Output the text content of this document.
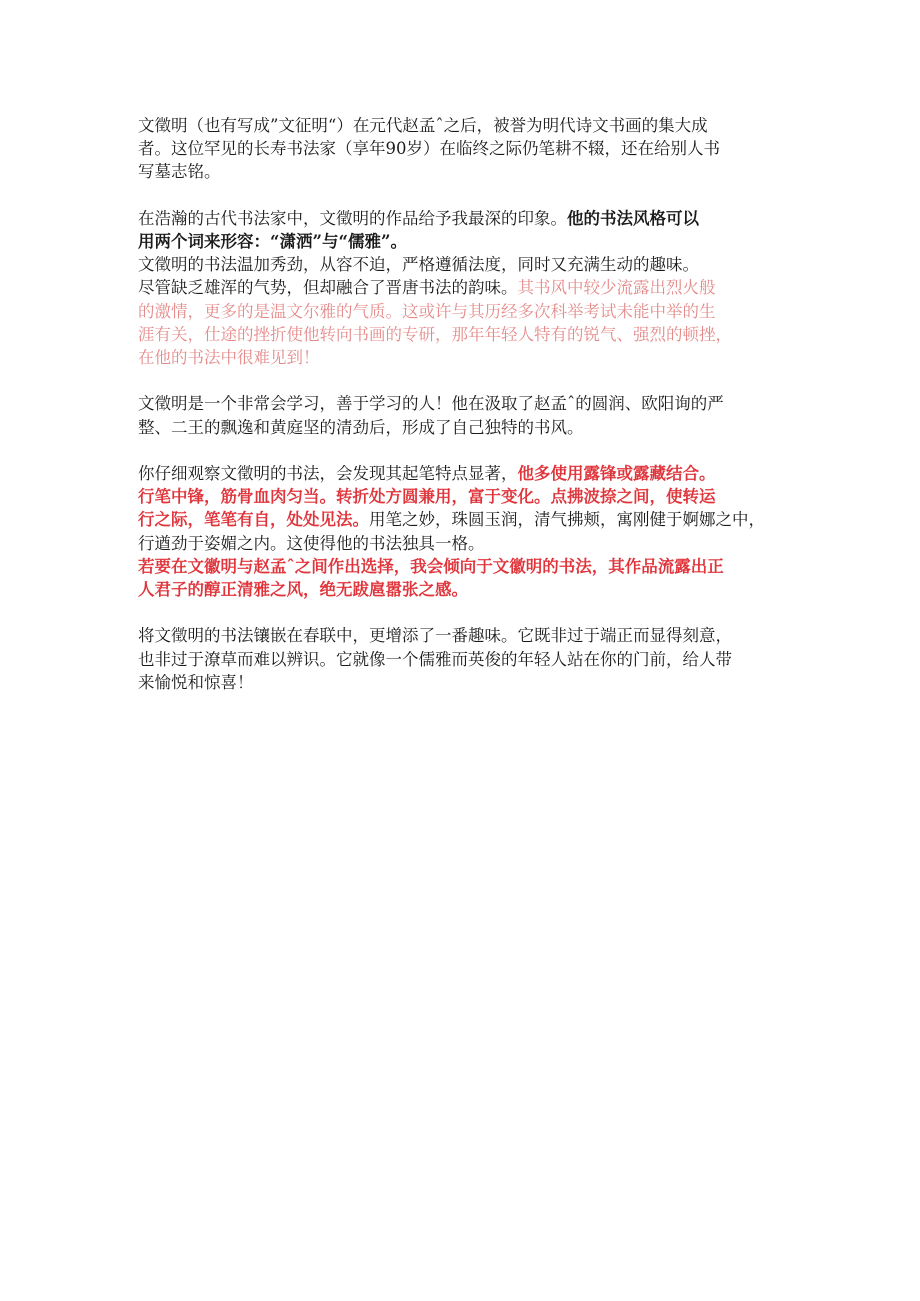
文徵明（也有写成”文征明“）在元代赵孟ˆ之后，被誉为明代诗文书画的集大成
者。这位罕见的长寿书法家（享年90岁）在临终之际仍笔耕不辍，还在给别人书
写墓志铭。
在浩瀚的古代书法家中，文徵明的作品给予我最深的印象。他的书法风格可以
用两个词来形容：“潇洒”与“儒雅”。
文徵明的书法温加秀劲，从容不迫，严格遵循法度，同时又充满生动的趣味。
尽管缺乏雄浑的气势，但却融合了晋唐书法的韵味。其书风中较少流露出烈火般
的激情，更多的是温文尔雅的气质。这或许与其历经多次科举考试未能中举的生
涯有关，仕途的挫折使他转向书画的专研，那年年轻人特有的锐气、强烈的顿挫，
在他的书法中很难见到！
文徵明是一个非常会学习，善于学习的人！他在汲取了赵孟ˆ的圆润、欧阳询的严
整、二王的飘逸和黄庭坚的清劲后，形成了自己独特的书风。
你仔细观察文徵明的书法，会发现其起笔特点显著，他多使用露锋或露藏结合。
行笔中锋，筋骨血肉匀当。转折处方圆兼用，富于变化。点拂波捺之间，使转运
行之际，笔笔有自，处处见法。用笔之妙，珠圆玉润，清气拂颊，寓刚健于婀娜之中，
行遒劲于姿媚之内。这使得他的书法独具一格。
若要在文徽明与赵孟ˆ之间作出选择，我会倾向于文徽明的书法，其作品流露出正
人君子的醇正清雅之风，绝无跋扈嚣张之感。
将文徵明的书法镶嵌在春联中，更增添了一番趣味。它既非过于端正而显得刻意，
也非过于潦草而难以辨识。它就像一个儒雅而英俊的年轻人站在你的门前，给人带
来愉悦和惊喜！
